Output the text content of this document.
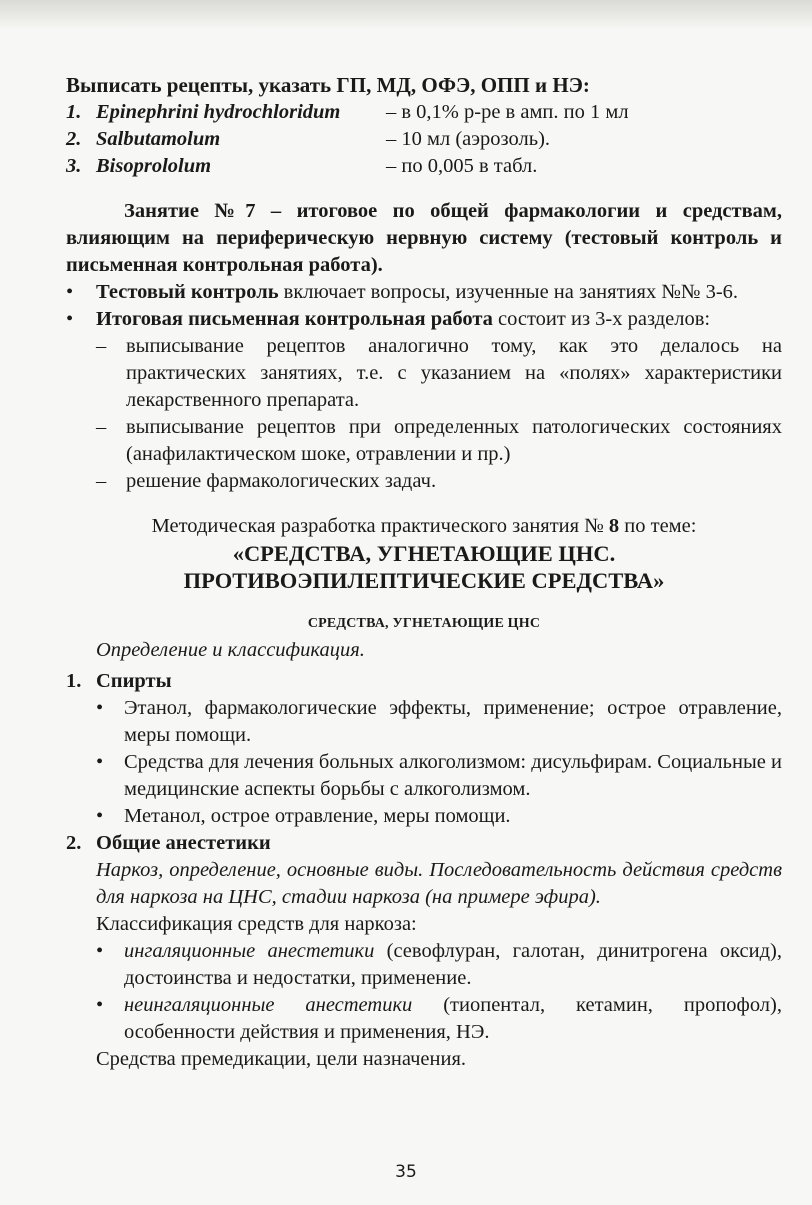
Выписать рецепты, указать ГП, МД, ОФЭ, ОПП и НЭ:
1. Epinephrini hydrochloridum	– в 0,1% р-ре в амп. по 1 мл
2. Salbutamolum	– 10 мл (аэрозоль).
3. Bisoprololum	– по 0,005 в табл.
Занятие №7 – итоговое по общей фармакологии и средствам, влияющим на периферическую нервную систему (тестовый контроль и письменная контрольная работа).
•	Тестовый контроль включает вопросы, изученные на занятиях №№ 3-6.
•	Итоговая письменная контрольная работа состоит из 3-х разделов:
– выписывание рецептов аналогично тому, как это делалось на практических занятиях, т.е. с указанием на «полях» характеристики лекарственного препарата.
– выписывание рецептов при определенных патологических состояниях (анафилактическом шоке, отравлении и пр.)
– решение фармакологических задач.
Методическая разработка практического занятия № 8 по теме:
«СРЕДСТВА, УГНЕТАЮЩИЕ ЦНС.
ПРОТИВОЭПИЛЕПТИЧЕСКИЕ СРЕДСТВА»
СРЕДСТВА, УГНЕТАЮЩИЕ ЦНС
Определение и классификация.
1. Спирты
•	Этанол, фармакологические эффекты, применение; острое отравление, меры помощи.
•	Средства для лечения больных алкоголизмом: дисульфирам. Социальные и медицинские аспекты борьбы с алкоголизмом.
•	Метанол, острое отравление, меры помощи.
2. Общие анестетики
Наркоз, определение, основные виды. Последовательность действия средств для наркоза на ЦНС, стадии наркоза (на примере эфира).
Классификация средств для наркоза:
•	ингаляционные анестетики (севофлуран, галотан, динитрогена оксид), достоинства и недостатки, применение.
•	неингаляционные анестетики (тиопентал, кетамин, пропофол), особенности действия и применения, НЭ.
Средства премедикации, цели назначения.
35
